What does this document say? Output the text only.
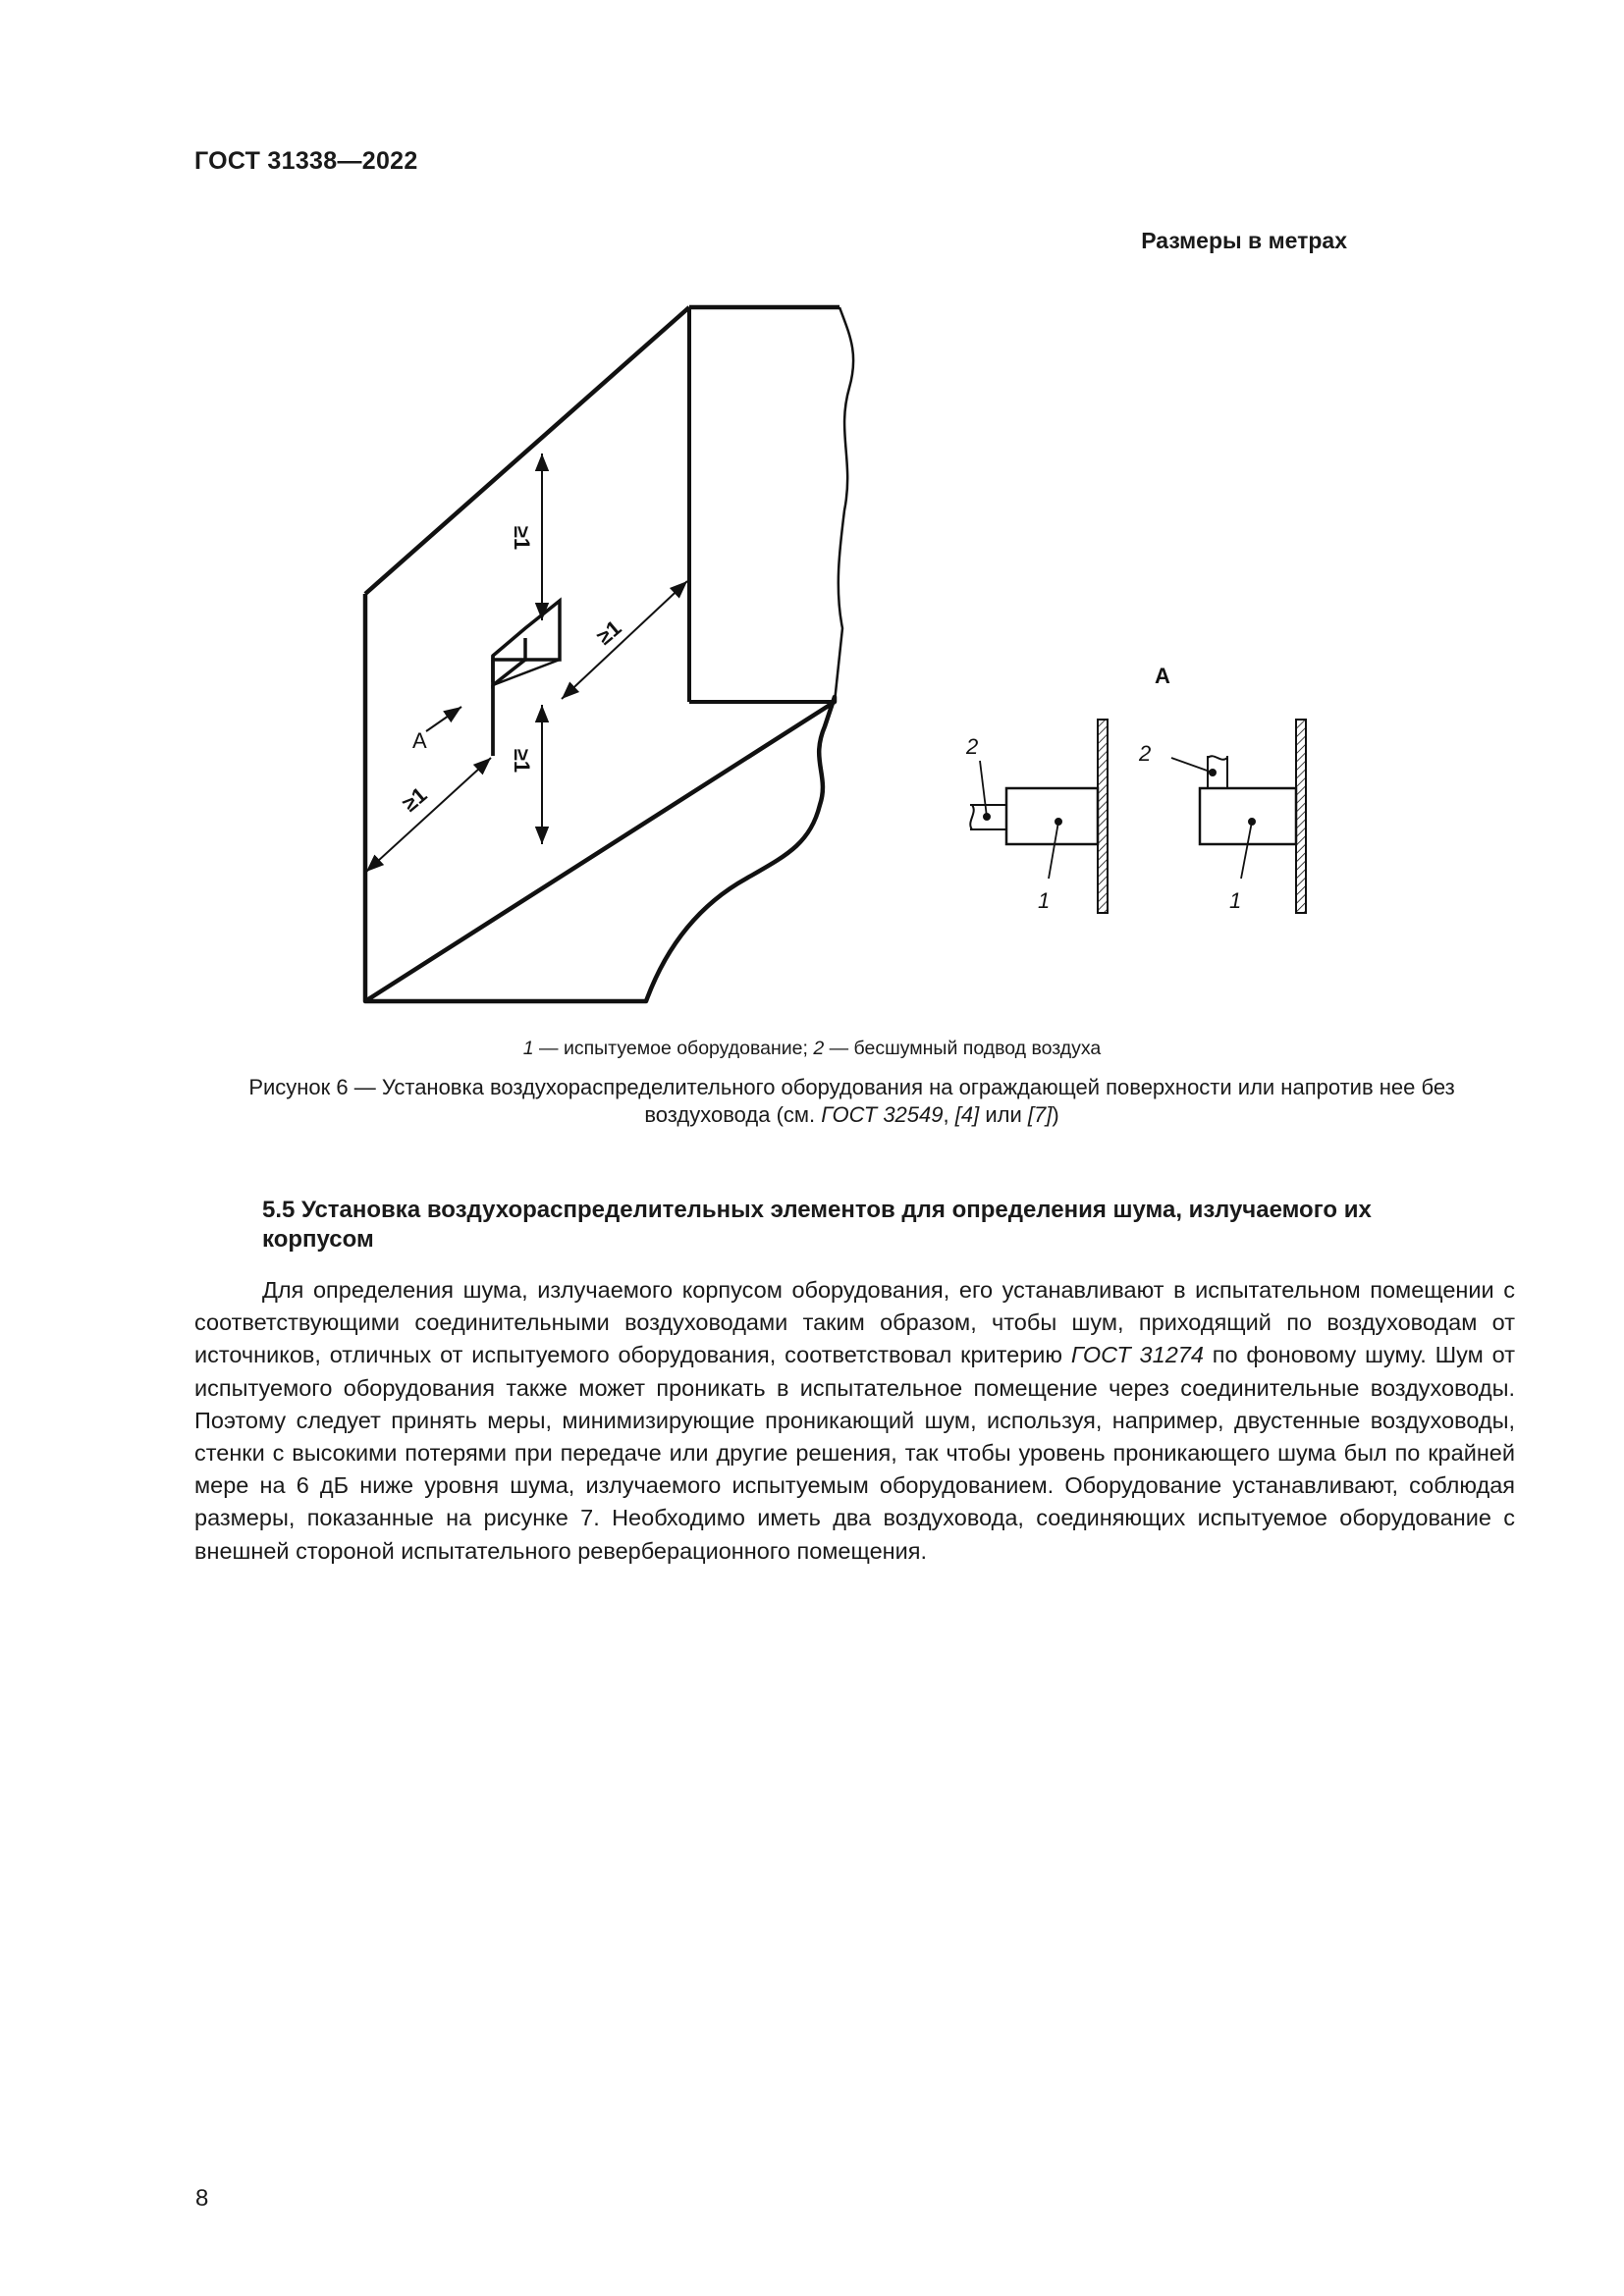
ГОСТ 31338—2022
Размеры в метрах
≥1
≥1
≥1
≥1
А
А
2
1
2
1
1 — испытуемое оборудование; 2 — бесшумный подвод воздуха
Рисунок 6 — Установка воздухораспределительного оборудования на ограждающей поверхности или напротив нее без воздуховода (см. ГОСТ 32549, [4] или [7])
5.5 Установка воздухораспределительных элементов для определения шума, излучаемого их корпусом
Для определения шума, излучаемого корпусом оборудования, его устанавливают в испытательном помещении с соответствующими соединительными воздуховодами таким образом, чтобы шум, приходящий по воздуховодам от источников, отличных от испытуемого оборудования, соответствовал критерию ГОСТ 31274 по фоновому шуму. Шум от испытуемого оборудования также может проникать в испытательное помещение через соединительные воздуховоды. Поэтому следует принять меры, минимизирующие проникающий шум, используя, например, двустенные воздуховоды, стенки с высокими потерями при передаче или другие решения, так чтобы уровень проникающего шума был по крайней мере на 6 дБ ниже уровня шума, излучаемого испытуемым оборудованием. Оборудование устанавливают, соблюдая размеры, показанные на рисунке 7. Необходимо иметь два воздуховода, соединяющих испытуемое оборудование с внешней стороной испытательного реверберационного помещения.
8
